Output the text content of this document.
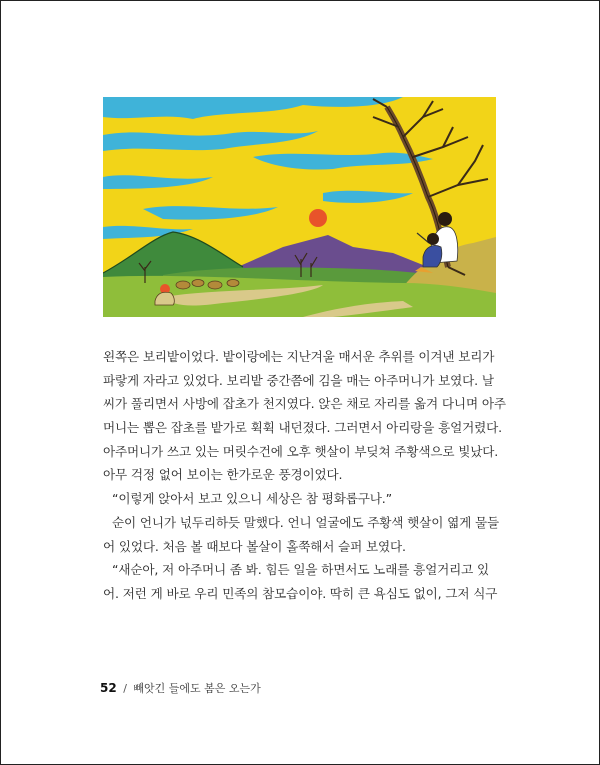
왼쪽은 보리밭이었다. 밭이랑에는 지난겨울 매서운 추위를 이겨낸 보리가
파랗게 자라고 있었다. 보리밭 중간쯤에 김을 매는 아주머니가 보였다. 날
씨가 풀리면서 사방에 잡초가 천지였다. 앉은 채로 자리를 옮겨 다니며 아주
머니는 뽑은 잡초를 밭가로 휙휙 내던졌다. 그러면서 아리랑을 흥얼거렸다.
아주머니가 쓰고 있는 머릿수건에 오후 햇살이 부딪쳐 주황색으로 빛났다.
아무 걱정 없어 보이는 한가로운 풍경이었다.
“이렇게 앉아서 보고 있으니 세상은 참 평화롭구나.”
순이 언니가 넋두리하듯 말했다. 언니 얼굴에도 주황색 햇살이 엷게 물들
어 있었다. 처음 볼 때보다 볼살이 홀쭉해서 슬퍼 보였다.
“새순아, 저 아주머니 좀 봐. 힘든 일을 하면서도 노래를 흥얼거리고 있
어. 저런 게 바로 우리 민족의 참모습이야. 딱히 큰 욕심도 없이, 그저 식구
52 / 빼앗긴 들에도 봄은 오는가
